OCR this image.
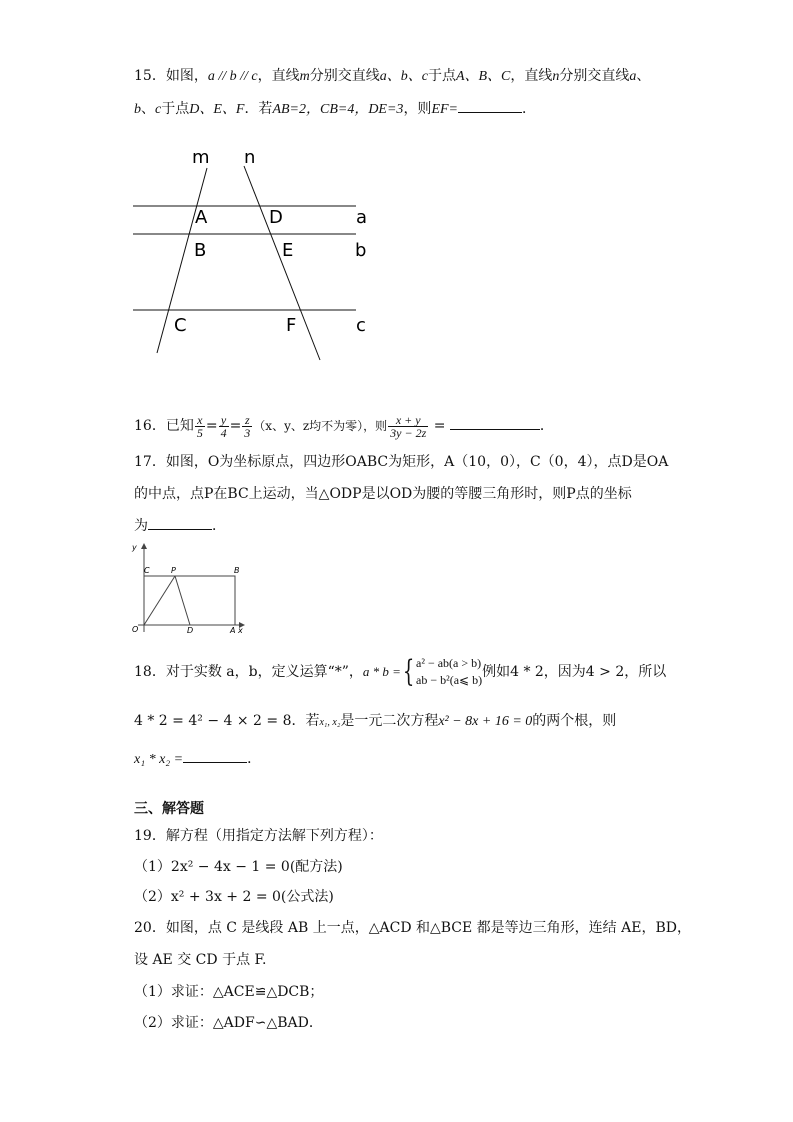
15．如图，a // b // c，直线m分别交直线a、b、c于点A、B、C，直线n分别交直线a、
b、c于点D、E、F．若AB=2，CB=4，DE=3，则EF=	．
m n
A	D	a
B	E	b
C	F	c
16．已知 $\frac{x}{5} = \frac{y}{4} = \frac{z}{3} (x$、y、z均不为零），则 $\frac{x + y}{3y - 2z}$ =	．
17．如图，O为坐标原点，四边形OABC为矩形，A（10，0），C（0，4），点D是OA
的中点，点P在BC上运动，当△ODP是以OD为腰的等腰三角形时，则P点的坐标
为	．
y
C	P	B
O	D	A x
18．对于实数 a，b，定义运算“*”，a * b ={ a² − ab(a > b)
ab − b²(a⩽ b) 例如4 * 2，因为4 > 2，所以
4 * 2 = 4² − 4 × 2 = 8．若x₁, x₂是一元二次方程x² − 8x + 16 = 0的两个根，则
x₁ * x₂ =	．
三、解答题
19．解方程（用指定方法解下列方程）：
（1）2x² − 4x − 1 = 0(配方法)
（2）x² + 3x + 2 = 0(公式法)
20．如图，点 C 是线段 AB 上一点，△ACD 和△BCE 都是等边三角形，连结 AE，BD，
设 AE 交 CD 于点 F.
（1）求证：△ACE≌△DCB；
（2）求证：△ADF∽△BAD．
